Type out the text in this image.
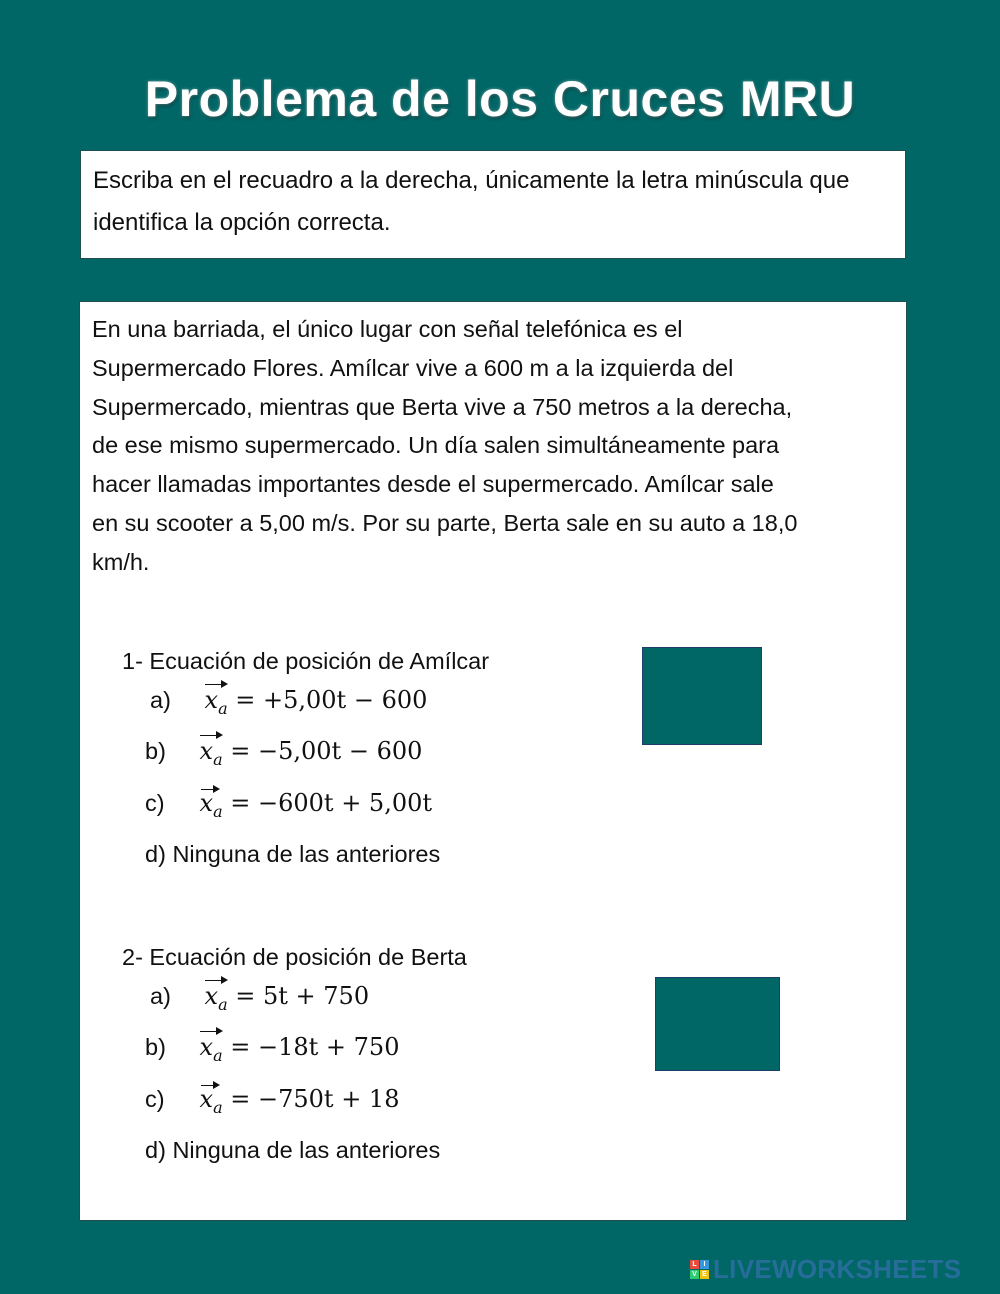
Problema de los Cruces MRU
Escriba en el recuadro a la derecha, únicamente la letra minúscula que identifica la opción correcta.

En una barriada, el único lugar con señal telefónica es el
Supermercado Flores. Amílcar vive a 600 m a la izquierda del
Supermercado, mientras que Berta vive a 750 metros a la derecha,
de ese mismo supermercado. Un día salen simultáneamente para
hacer llamadas importantes desde el supermercado. Amílcar sale
en su scooter a 5,00 m/s. Por su parte, Berta sale en su auto a 18,0
km/h.

1- Ecuación de posición de Amílcar
a) $x_a = +5,00t - 600$
b) $x_a = -5,00t - 600$
c) $x_a = -600t + 5,00t$
d) Ninguna de las anteriores
2- Ecuación de posición de Berta
a) $x_a = 5t + 750$
b) $x_a = -18t + 750$
c) $x_a = -750t + 18$
d) Ninguna de las anteriores
L I
V E LIVEWORKSHEETS
